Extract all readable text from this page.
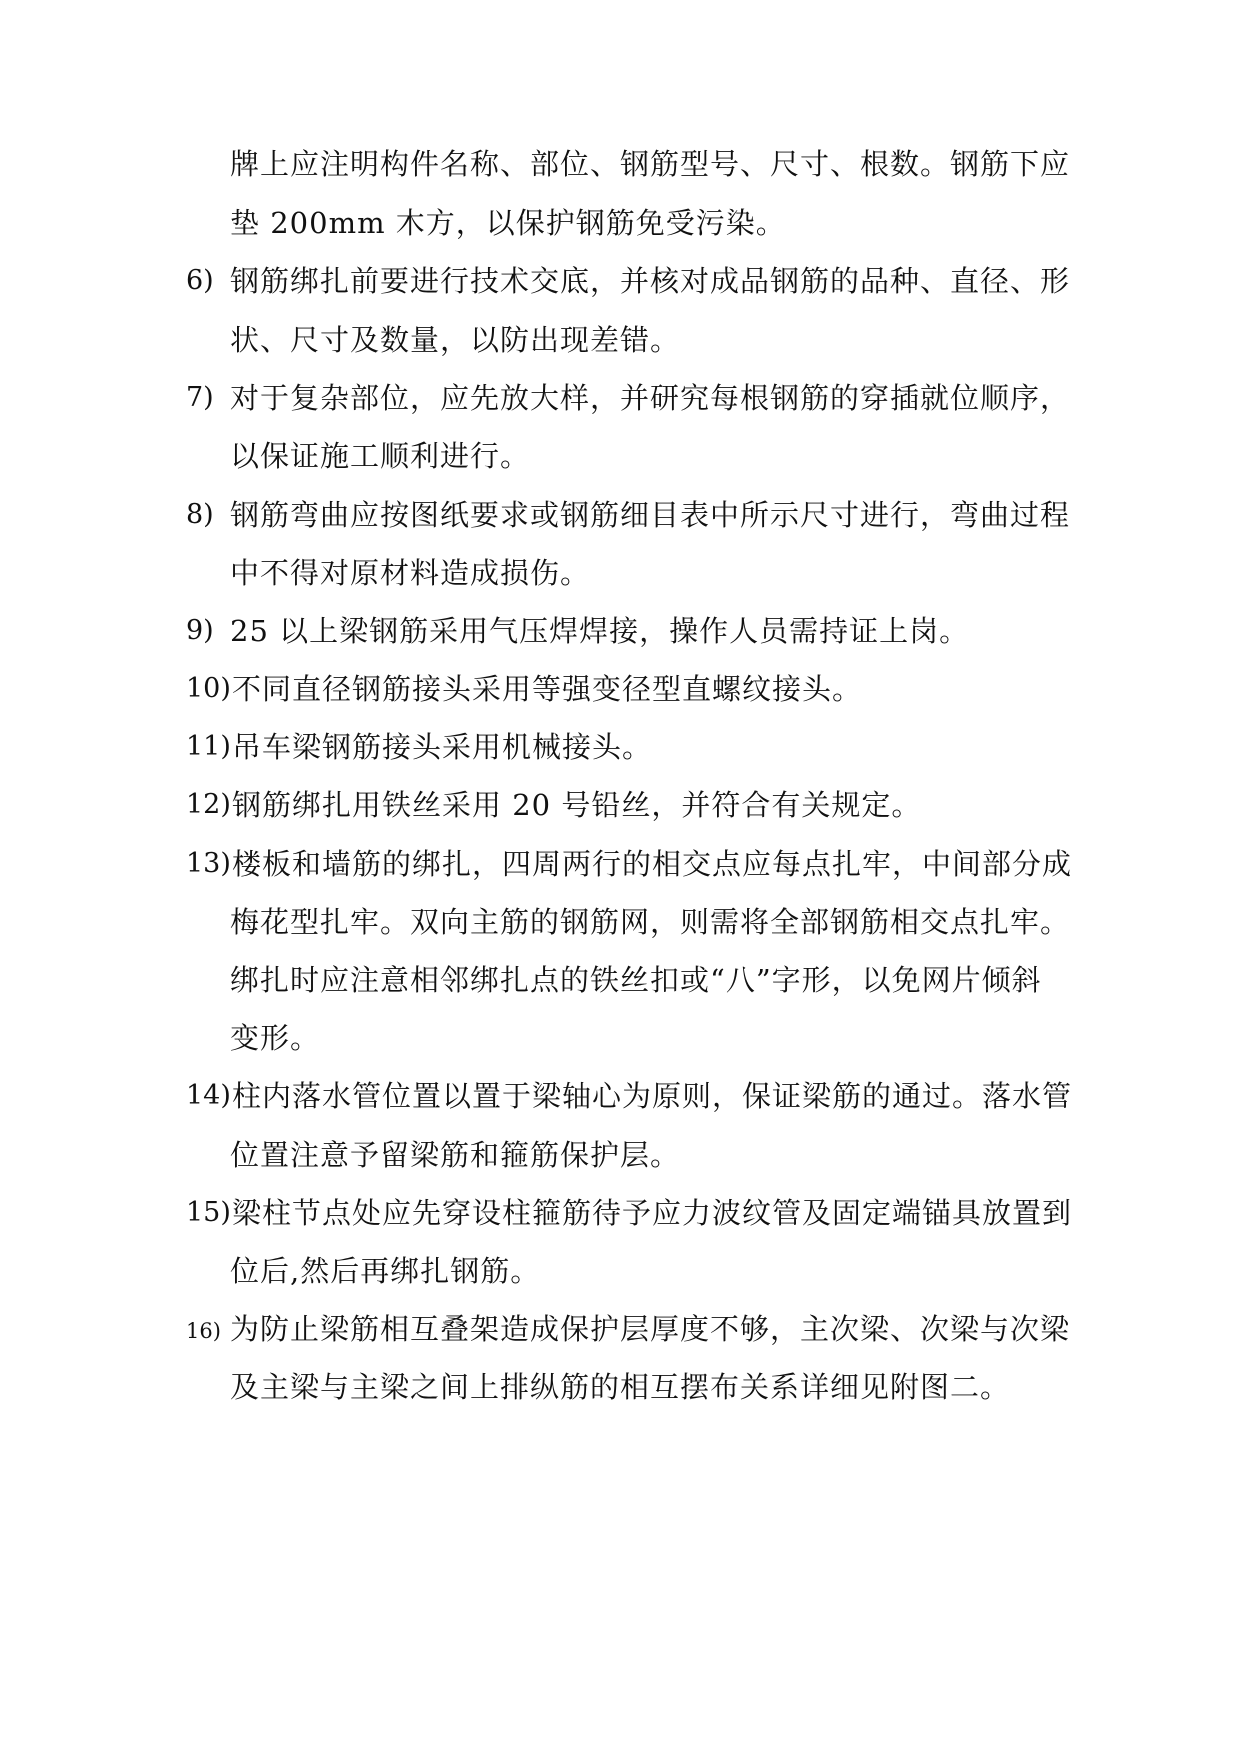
牌上应注明构件名称、部位、钢筋型号、尺寸、根数。钢筋下应
垫 200mm 木方，以保护钢筋免受污染。
6) 钢筋绑扎前要进行技术交底，并核对成品钢筋的品种、直径、形
状、尺寸及数量，以防出现差错。
7) 对于复杂部位，应先放大样，并研究每根钢筋的穿插就位顺序，
以保证施工顺利进行。
8) 钢筋弯曲应按图纸要求或钢筋细目表中所示尺寸进行，弯曲过程
中不得对原材料造成损伤。
9) 25 以上梁钢筋采用气压焊焊接，操作人员需持证上岗。
10) 不同直径钢筋接头采用等强变径型直螺纹接头。
11) 吊车梁钢筋接头采用机械接头。
12) 钢筋绑扎用铁丝采用 20 号铅丝，并符合有关规定。
13) 楼板和墙筋的绑扎，四周两行的相交点应每点扎牢，中间部分成
梅花型扎牢。双向主筋的钢筋网，则需将全部钢筋相交点扎牢。
绑扎时应注意相邻绑扎点的铁丝扣或“八”字形，以免网片倾斜
变形。
14) 柱内落水管位置以置于梁轴心为原则，保证梁筋的通过。落水管
位置注意予留梁筋和箍筋保护层。
15) 梁柱节点处应先穿设柱箍筋待予应力波纹管及固定端锚具放置到
位后,然后再绑扎钢筋。
16) 为防止梁筋相互叠架造成保护层厚度不够，主次梁、次梁与次梁
及主梁与主梁之间上排纵筋的相互摆布关系详细见附图二。
